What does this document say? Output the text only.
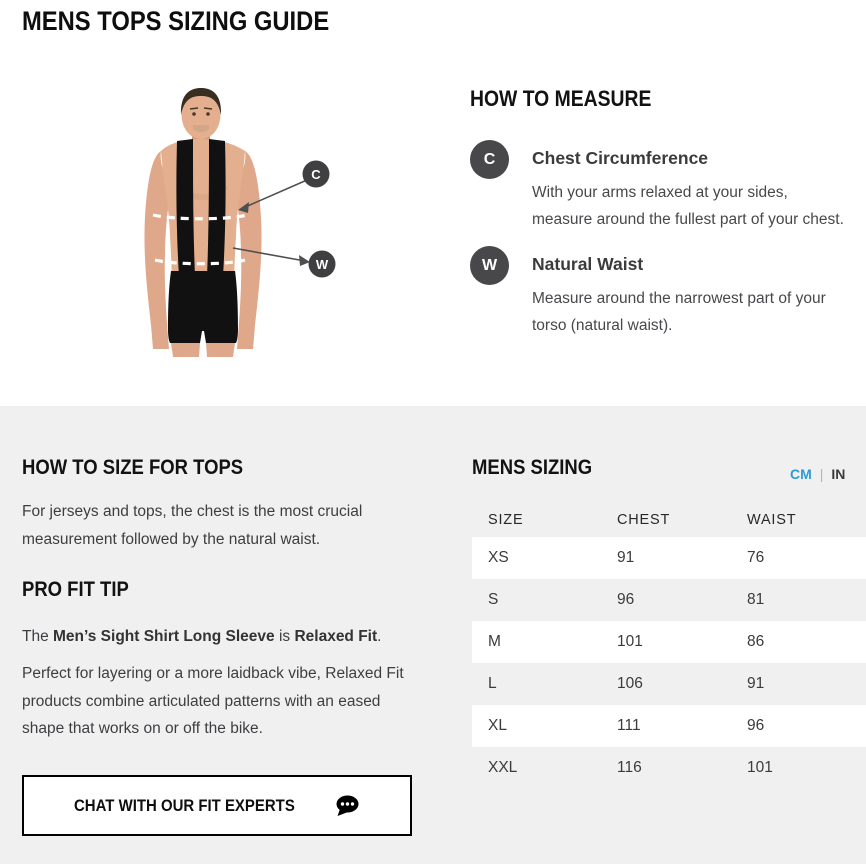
MENS TOPS SIZING GUIDE
C
W
HOW TO MEASURE
C	Chest Circumference
With your arms relaxed at your sides, measure around the fullest part of your chest.
W	Natural Waist
Measure around the narrowest part of your torso (natural waist).
HOW TO SIZE FOR TOPS

For jerseys and tops, the chest is the most crucial measurement followed by the natural waist.

PRO FIT TIP

The Men’s Sight Shirt Long Sleeve is Relaxed Fit.

Perfect for layering or a more laidback vibe, Relaxed Fit products combine articulated patterns with an eased shape that works on or off the bike.

CHAT WITH OUR FIT EXPERTS
MENS SIZING	CM | IN
SIZE	CHEST	WAIST
XS	91	76
S	96	81
M	101	86
L	106	91
XL	111	96
XXL	116	101
